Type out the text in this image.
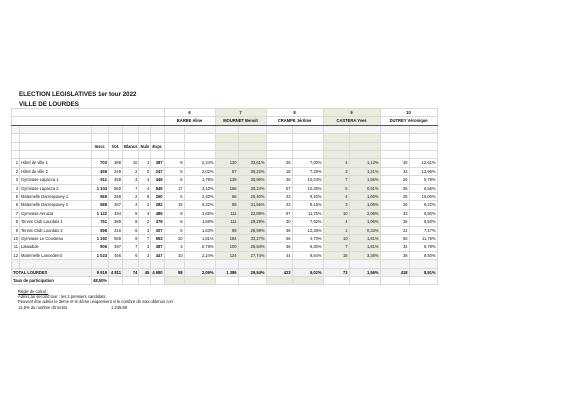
ELECTION LEGISLATIVES 1er tour 2022
VILLE DE LOURDES
							6		7		8		9		10	
							BARBE Aline		MOURNET Benoit		CRAMPE Jérôme		CASTERA Yves		DUTREY Véronique	

		Inscr.	Vot.	Blancs	Nuls	Expr.										

1	Hôtel de ville 1	703	388	10	1	387	8	2,24%	120	33,61%	25	7,00%	4	1,12%	45	12,61%
2	Hôtel de ville 2	459	249	2	0	247	5	2,02%	87	35,22%	18	7,29%	3	1,21%	32	12,96%
3	Gymnase Lapacca 1	911	458	3	4	449	8	1,78%	139	30,96%	46	10,24%	7	1,56%	26	5,79%
4	Gymnase Lapacca 2	1 104	560	7	4	549	17	3,10%	166	30,24%	57	10,38%	5	0,91%	36	6,56%
5	Maternelle Darrespouey 1	565	258	2	6	250	6	2,40%	66	26,40%	23	9,20%	4	1,60%	25	10,00%
6	Maternelle Darrespouey 2	588	287	3	2	282	15	5,32%	89	31,56%	23	8,16%	3	1,06%	26	9,22%
7	Gymnase Annuza	1 122	494	5	4	485	8	1,65%	111	22,89%	57	11,75%	10	2,06%	33	6,80%
8	Tennis Club Lourdais 1	751	389	8	2	379	6	1,58%	111	29,29%	30	7,92%	4	1,06%	36	9,50%
9	Tennis Club Lourdais 2	598	316	6	3	307	5	1,63%	89	28,99%	38	12,38%	1	0,33%	22	7,17%
10	Gymnase Le Cousteau	1 192	569	9	7	553	10	1,81%	184	33,27%	26	4,70%	10	1,81%	65	11,75%
11	Lalaudide	906	397	7	3	387	3	0,78%	100	25,84%	36	9,30%	7	1,81%	34	8,79%
12	Maternelle Lannedernt	1 023	456	6	3	447	10	2,24%	124	27,74%	44	9,84%	15	3,36%	38	8,50%

TOTAL LOURDES		9 919	4 811	74	45	4 680	98	2,09%	1 386	29,54%	423	9,02%	73	1,56%	418	8,91%
Taux de participation		48,50%														
Règle de calcul :
Admis au second tour : les 2 premiers candidats
Peuvent être admis le 3ème et le 4ème uniquement si le nombre de voix obtenus corr
12,5% du nombre d'inscrits	1 239,88
